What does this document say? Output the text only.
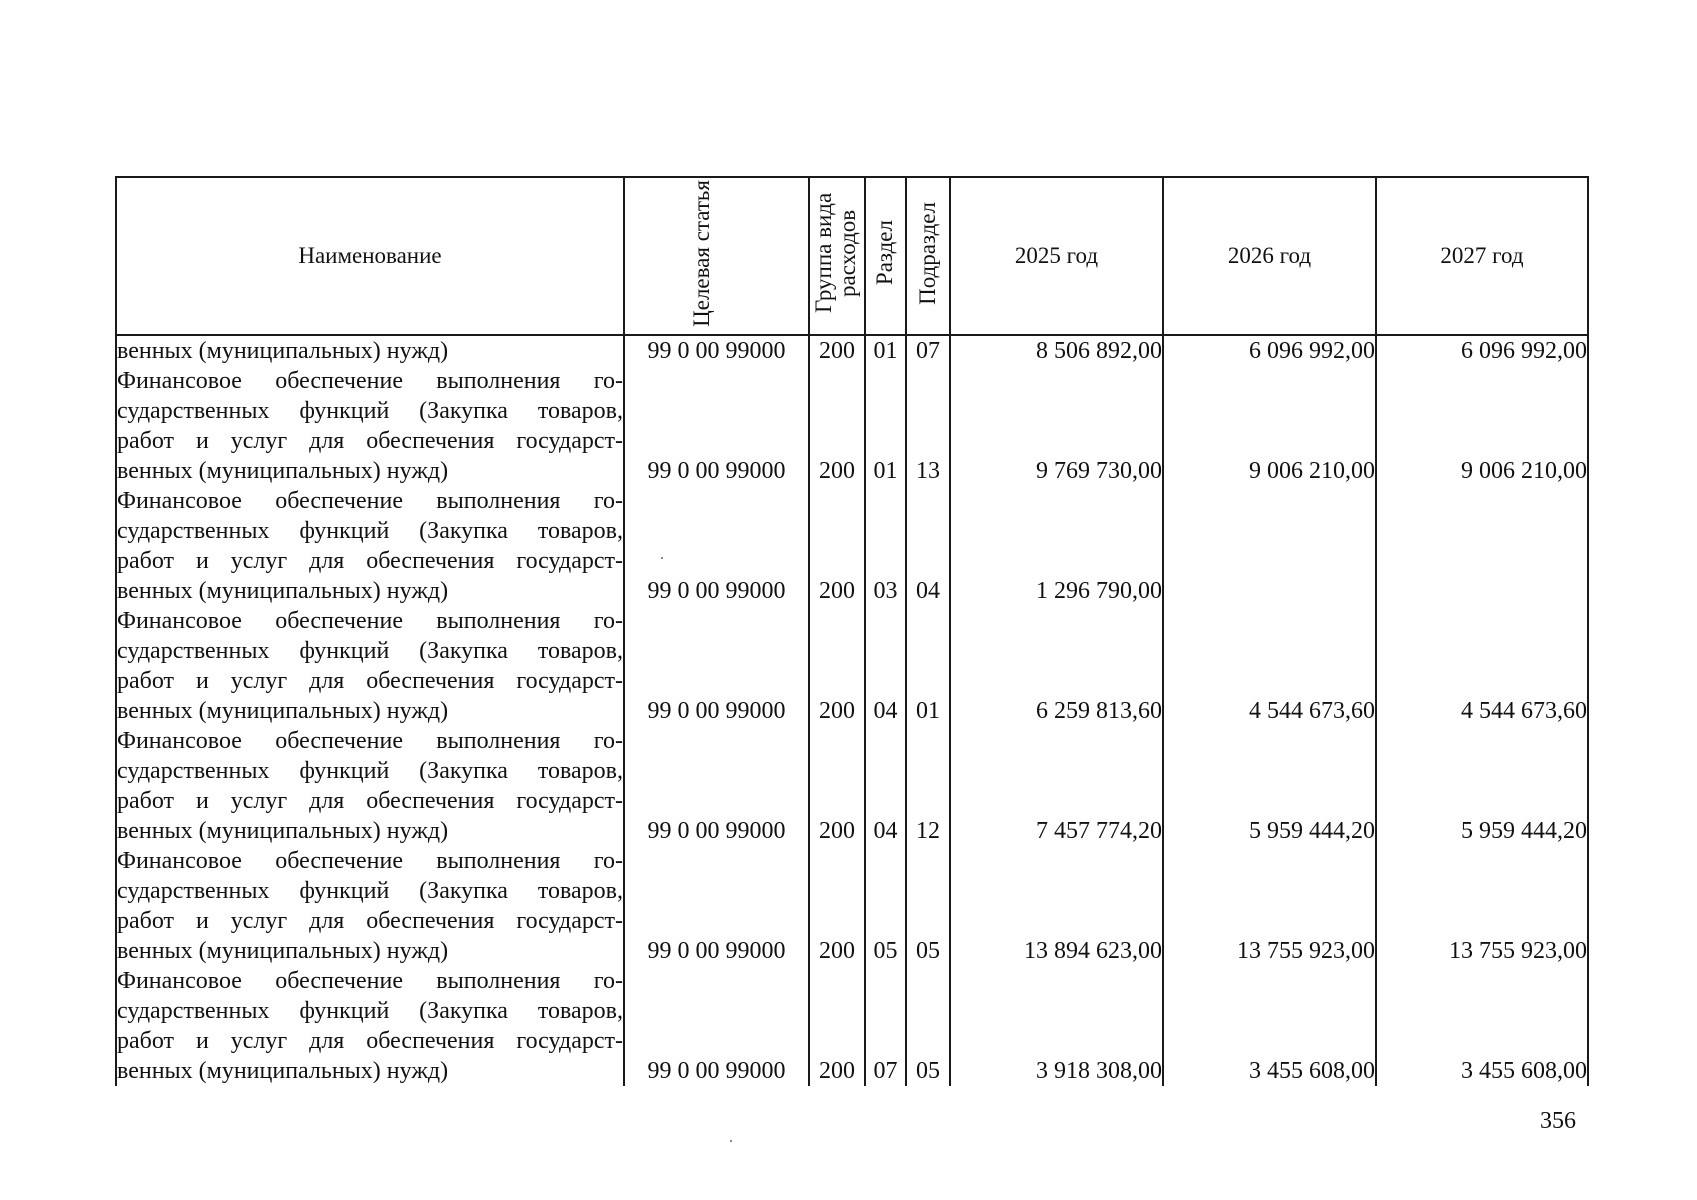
Наименование	Целевая статья	Группа вида расходов	Раздел	Подраздел	2025 год	2026 год	2027 год

венных (муниципальных) нужд)	99 0 00 99000	200	01	07	8 506 892,00	6 096 992,00	6 096 992,00

Финансовое обеспечение выполнения го-
сударственных функций (Закупка товаров,
работ и услуг для обеспечения государст-
венных (муниципальных) нужд)	99 0 00 99000	200	01	13	9 769 730,00	9 006 210,00	9 006 210,00

Финансовое обеспечение выполнения го-
сударственных функций (Закупка товаров,
работ и услуг для обеспечения государст-
венных (муниципальных) нужд)	99 0 00 99000	200	03	04	1 296 790,00		

Финансовое обеспечение выполнения го-
сударственных функций (Закупка товаров,
работ и услуг для обеспечения государст-
венных (муниципальных) нужд)	99 0 00 99000	200	04	01	6 259 813,60	4 544 673,60	4 544 673,60

Финансовое обеспечение выполнения го-
сударственных функций (Закупка товаров,
работ и услуг для обеспечения государст-
венных (муниципальных) нужд)	99 0 00 99000	200	04	12	7 457 774,20	5 959 444,20	5 959 444,20

Финансовое обеспечение выполнения го-
сударственных функций (Закупка товаров,
работ и услуг для обеспечения государст-
венных (муниципальных) нужд)	99 0 00 99000	200	05	05	13 894 623,00	13 755 923,00	13 755 923,00

Финансовое обеспечение выполнения го-
сударственных функций (Закупка товаров,
работ и услуг для обеспечения государст-
венных (муниципальных) нужд)	99 0 00 99000	200	07	05	3 918 308,00	3 455 608,00	3 455 608,00
356
